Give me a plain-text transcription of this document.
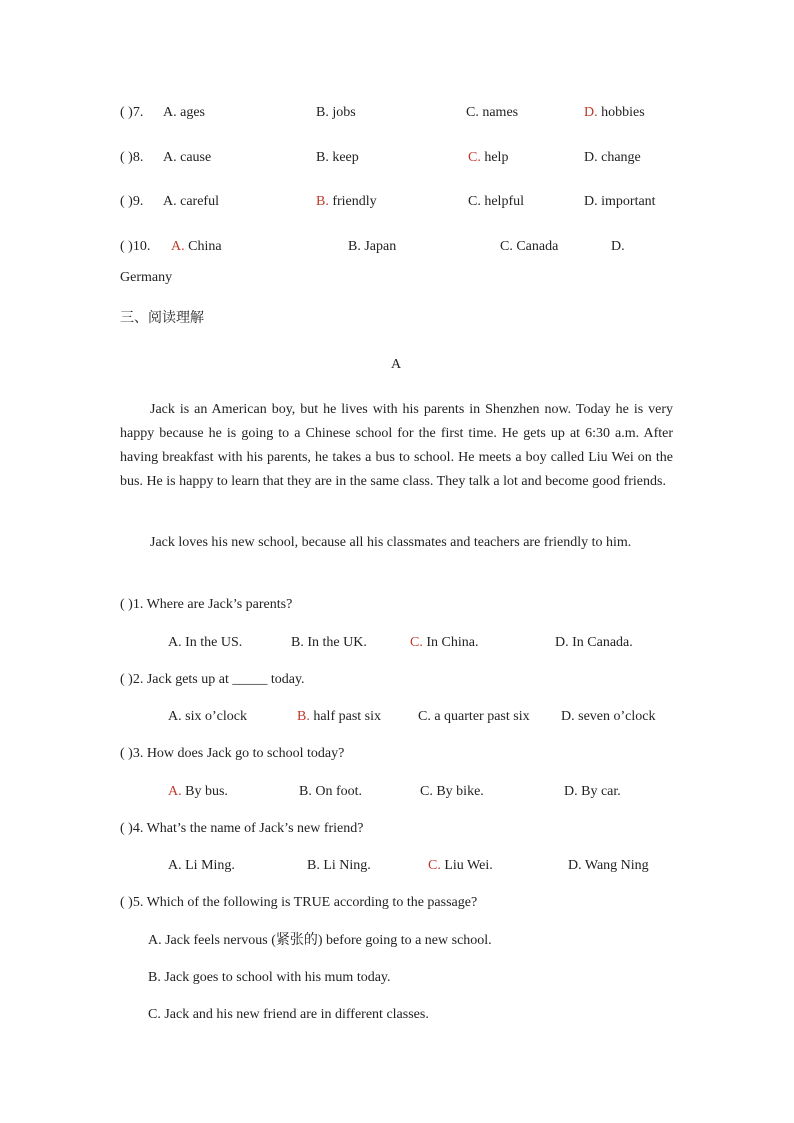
( )7. A. ages	B. jobs	C. names	D. hobbies
( )8. A. cause	B. keep	C. help	D. change
( )9. A. careful	B. friendly	C. helpful	D. important
( )10. A. China	B. Japan	C. Canada	D.
Germany
三、阅读理解
A
Jack is an American boy, but he lives with his parents in Shenzhen now. Today he is very happy because he is going to a Chinese school for the first time. He gets up at 6:30 a.m. After having breakfast with his parents, he takes a bus to school. He meets a boy called Liu Wei on the bus. He is happy to learn that they are in the same class. They talk a lot and become good friends.
Jack loves his new school, because all his classmates and teachers are friendly to him.
( )1. Where are Jack’s parents?
A. In the US.	B. In the UK.	C. In China.	D. In Canada.
( )2. Jack gets up at _____ today.
A. six o’clock	B. half past six	C. a quarter past six D. seven o’clock
( )3. How does Jack go to school today?
A. By bus.	B. On foot.	C. By bike.	D. By car.
( )4. What’s the name of Jack’s new friend?
A. Li Ming.	B. Li Ning.	C. Liu Wei.	D. Wang Ning
( )5. Which of the following is TRUE according to the passage?
A. Jack feels nervous (紧张的) before going to a new school.
B. Jack goes to school with his mum today.
C. Jack and his new friend are in different classes.
